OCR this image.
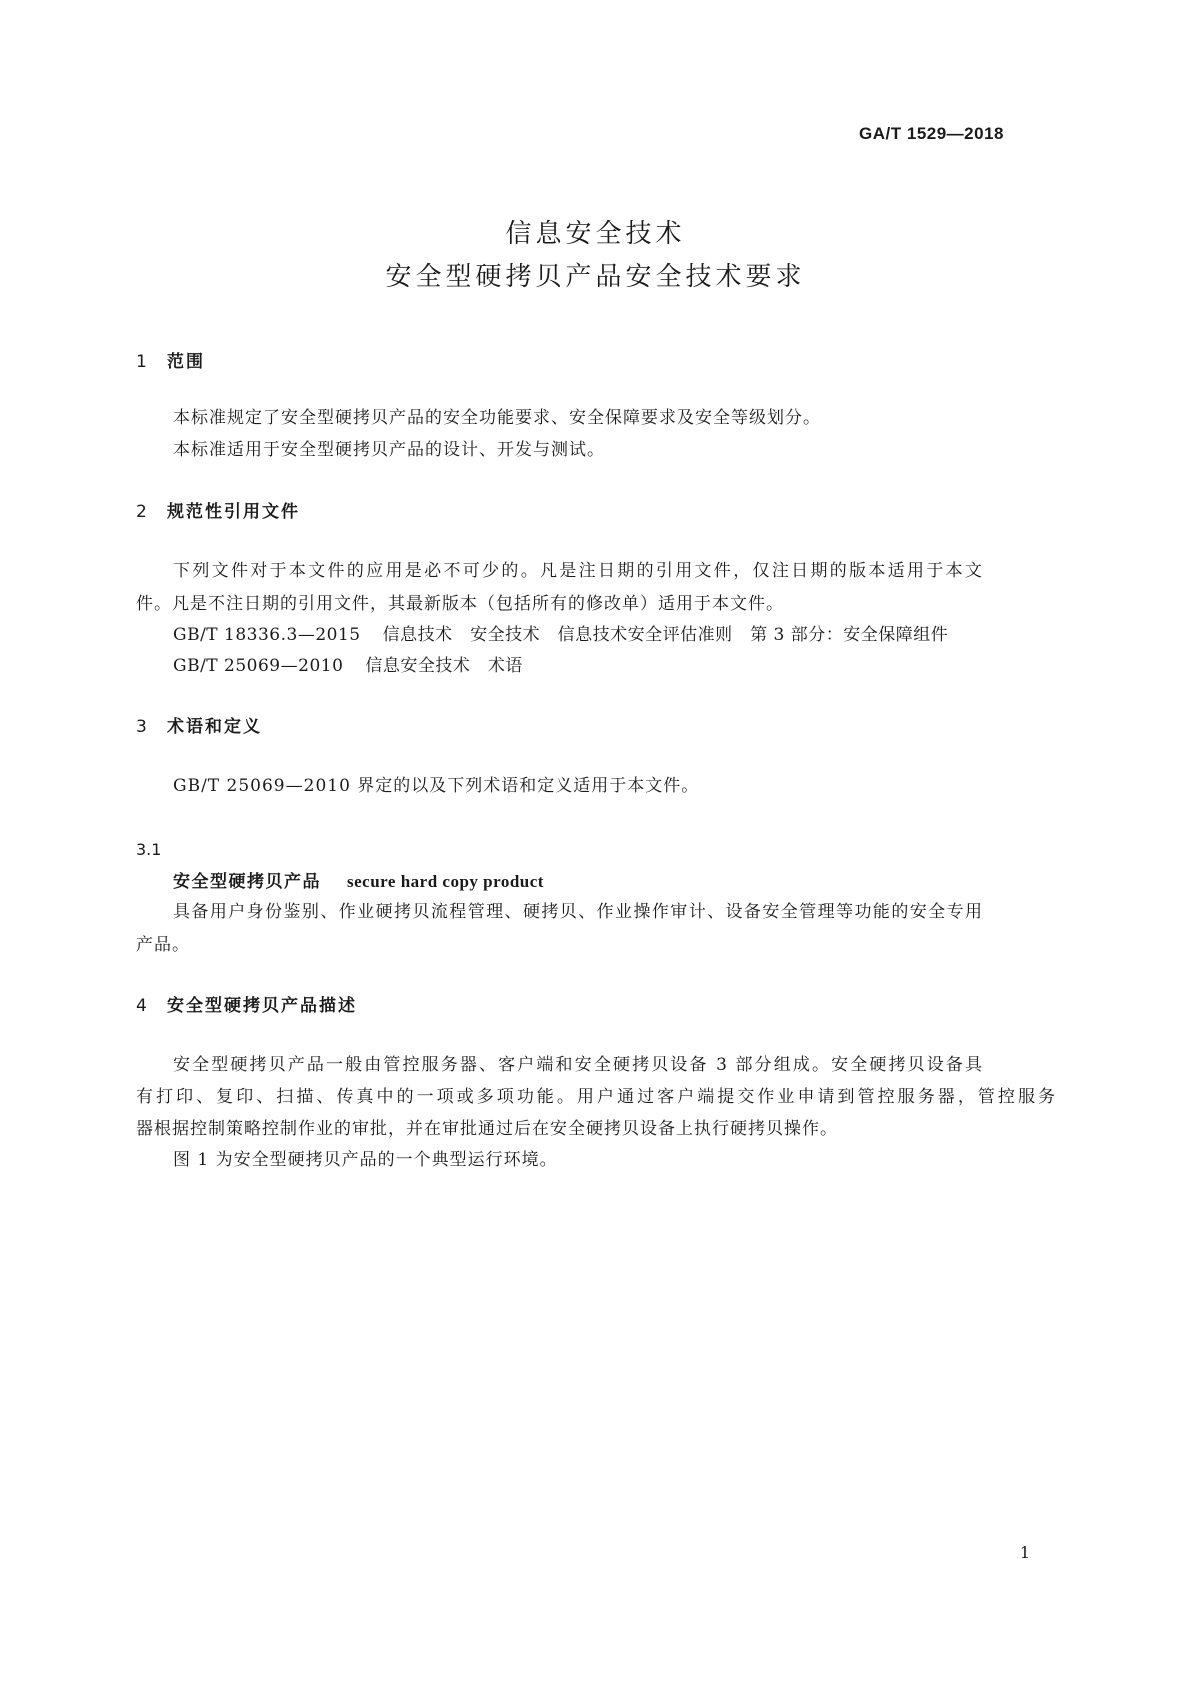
GA/T 1529—2018
信息安全技术
安全型硬拷贝产品安全技术要求
1 范围
本标准规定了安全型硬拷贝产品的安全功能要求、安全保障要求及安全等级划分。
本标准适用于安全型硬拷贝产品的设计、开发与测试。
2 规范性引用文件
下列文件对于本文件的应用是必不可少的。凡是注日期的引用文件，仅注日期的版本适用于本文
件。凡是不注日期的引用文件，其最新版本（包括所有的修改单）适用于本文件。
GB/T 18336.3—2015 信息技术　安全技术　信息技术安全评估准则　第 3 部分：安全保障组件
GB/T 25069—2010 信息安全技术　术语
3 术语和定义
GB/T 25069—2010 界定的以及下列术语和定义适用于本文件。
3.1
安全型硬拷贝产品 secure hard copy product
具备用户身份鉴别、作业硬拷贝流程管理、硬拷贝、作业操作审计、设备安全管理等功能的安全专用
产品。
4 安全型硬拷贝产品描述
安全型硬拷贝产品一般由管控服务器、客户端和安全硬拷贝设备 3 部分组成。安全硬拷贝设备具
有打印、复印、扫描、传真中的一项或多项功能。用户通过客户端提交作业申请到管控服务器，管控服务
器根据控制策略控制作业的审批，并在审批通过后在安全硬拷贝设备上执行硬拷贝操作。
图 1 为安全型硬拷贝产品的一个典型运行环境。
1
